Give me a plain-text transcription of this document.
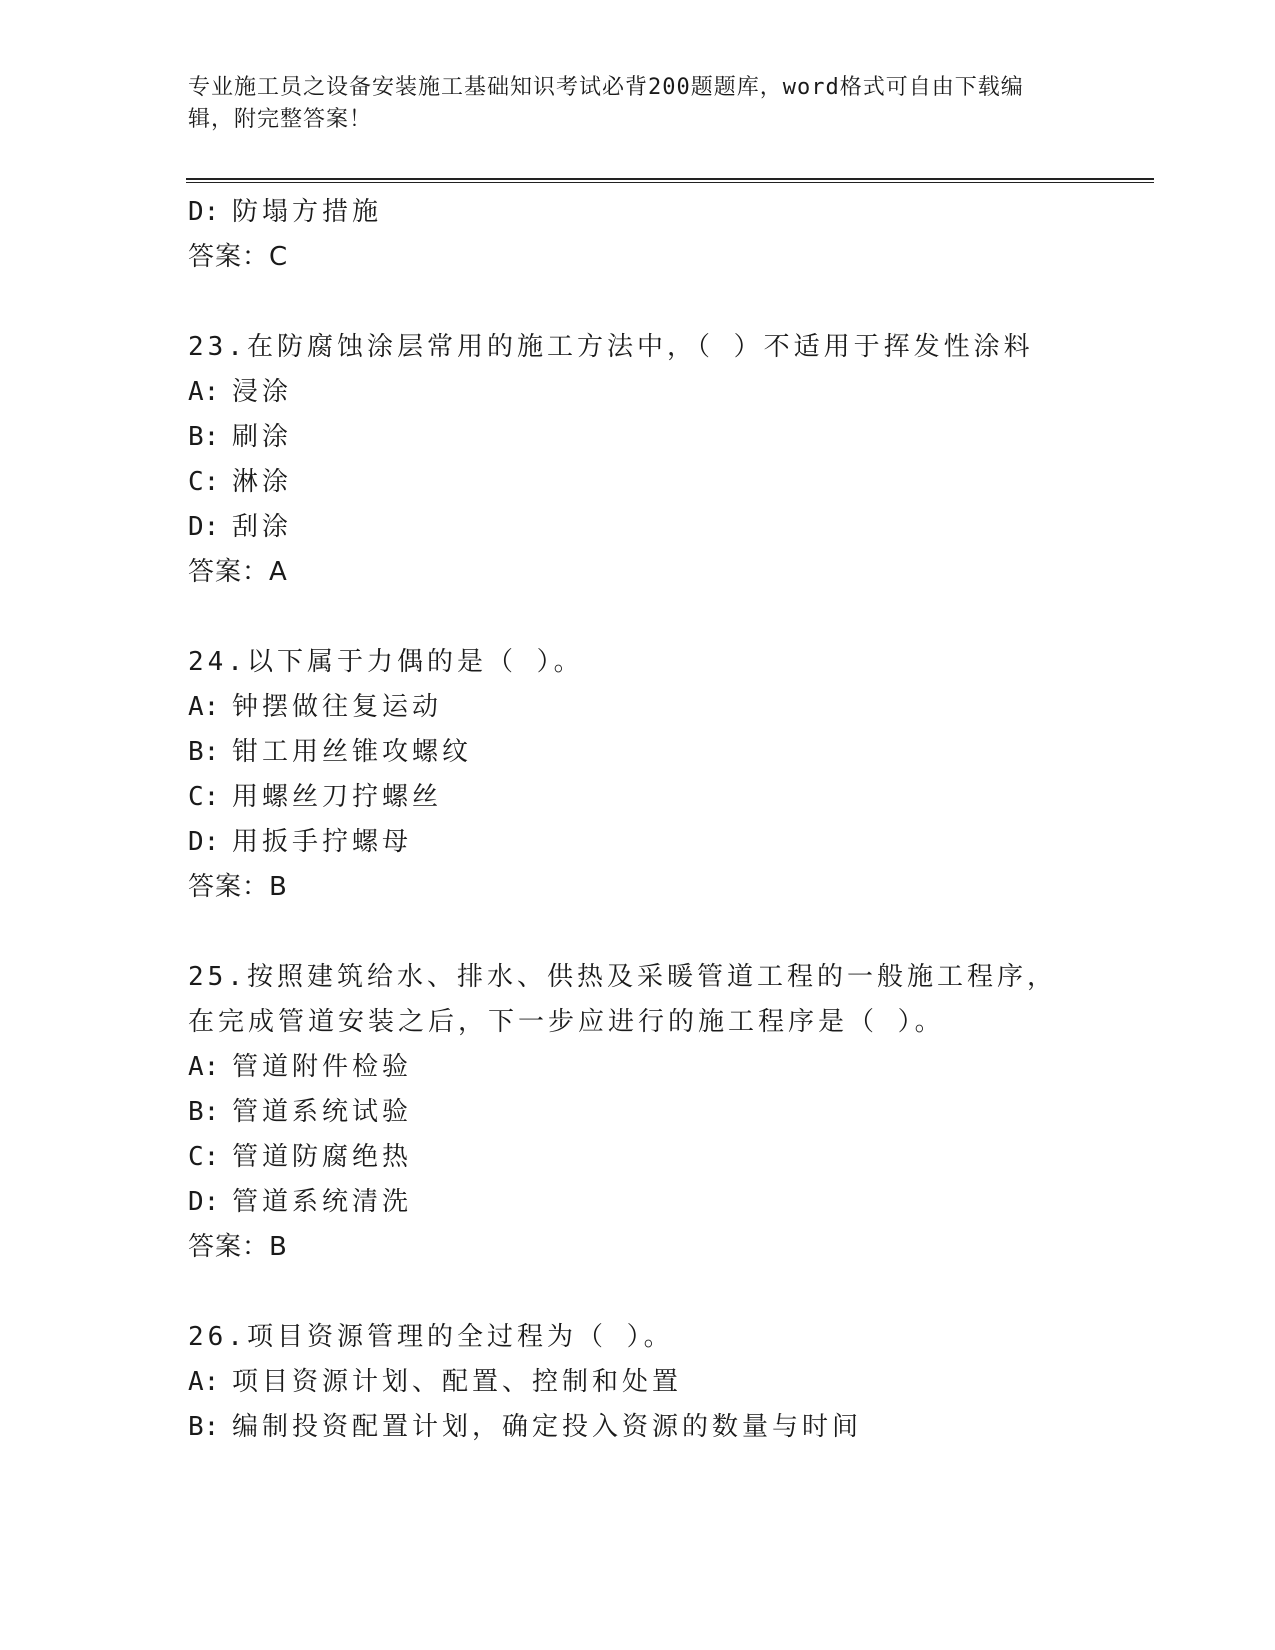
专业施工员之设备安装施工基础知识考试必背200题题库，word格式可自由下载编辑，附完整答案！
D: 防塌方措施
答案：C
23.在防腐蚀涂层常用的施工方法中，（ ）不适用于挥发性涂料
A: 浸涂
B: 刷涂
C: 淋涂
D: 刮涂
答案：A
24.以下属于力偶的是（ ）。
A: 钟摆做往复运动
B: 钳工用丝锥攻螺纹
C: 用螺丝刀拧螺丝
D: 用扳手拧螺母
答案：B
25.按照建筑给水、排水、供热及采暖管道工程的一般施工程序，在完成管道安装之后，下一步应进行的施工程序是（ ）。
A: 管道附件检验
B: 管道系统试验
C: 管道防腐绝热
D: 管道系统清洗
答案：B
26.项目资源管理的全过程为（ ）。
A: 项目资源计划、配置、控制和处置
B: 编制投资配置计划，确定投入资源的数量与时间
